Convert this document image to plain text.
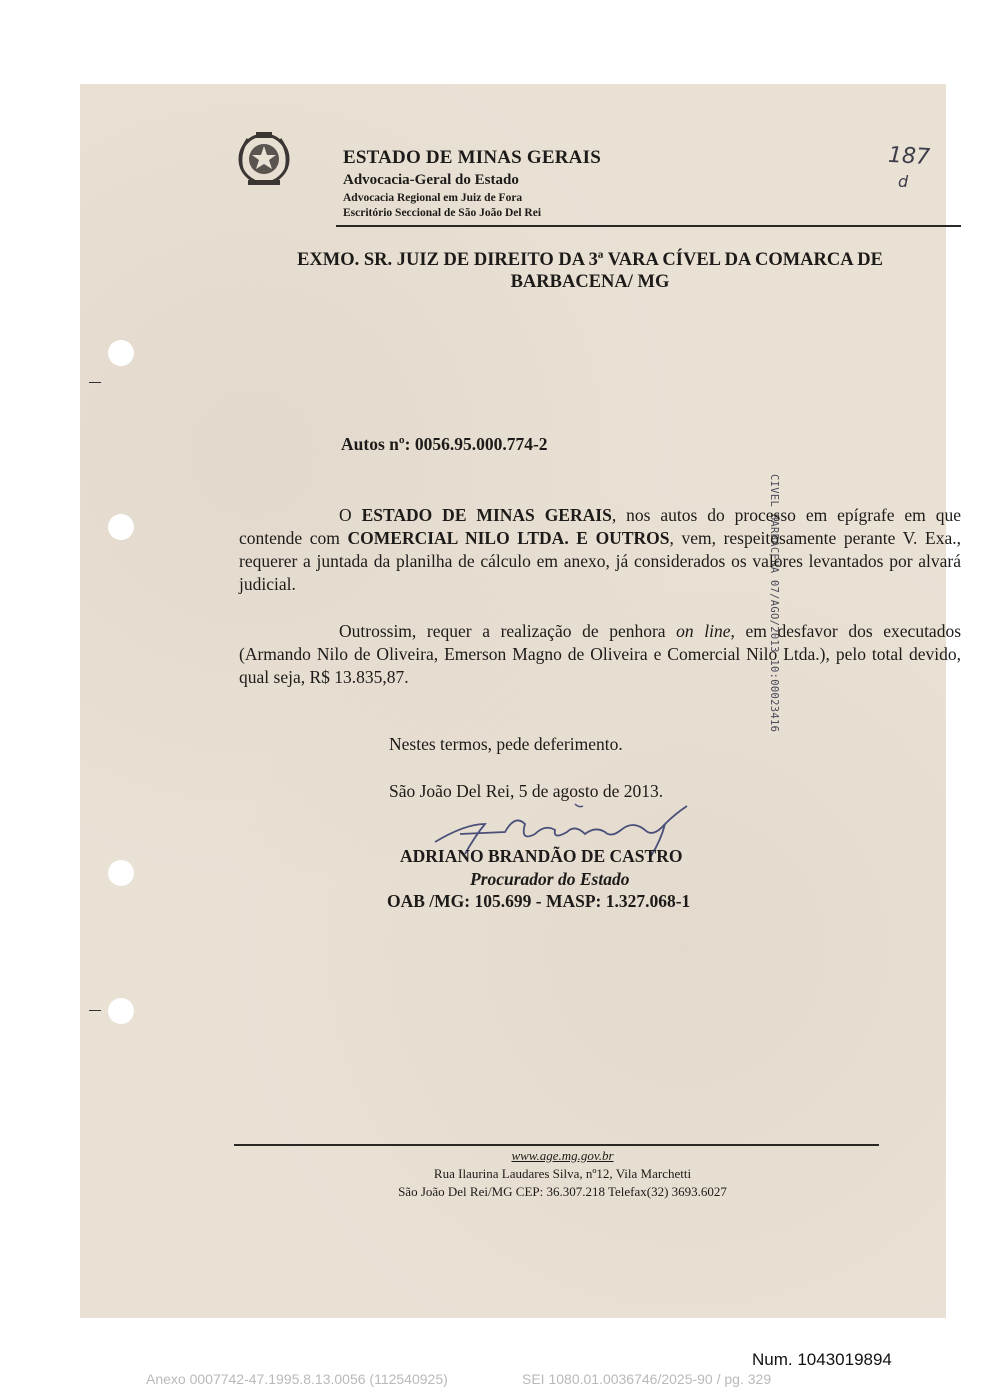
ESTADO DE MINAS GERAIS
Advocacia-Geral do Estado
Advocacia Regional em Juiz de Fora
Escritório Seccional de São João Del Rei
187
d
EXMO. SR. JUIZ DE DIREITO DA 3ª VARA CÍVEL DA COMARCA DE
BARBACENA/ MG
CIVEL BARBACENA 07/AGO/2013 10:00023416
Autos nº: 0056.95.000.774-2
O ESTADO DE MINAS GERAIS, nos autos do processo em epígrafe em que contende com COMERCIAL NILO LTDA. E OUTROS, vem, respeitosamente perante V. Exa., requerer a juntada da planilha de cálculo em anexo, já considerados os valores levantados por alvará judicial.
Outrossim, requer a realização de penhora on line, em desfavor dos executados (Armando Nilo de Oliveira, Emerson Magno de Oliveira e Comercial Nilo Ltda.), pelo total devido, qual seja, R$ 13.835,87.
Nestes termos, pede deferimento.
São João Del Rei, 5 de agosto de 2013.
ADRIANO BRANDÃO DE CASTRO
Procurador do Estado
OAB /MG: 105.699 - MASP: 1.327.068-1
www.age.mg.gov.br
Rua Ilaurina Laudares Silva, nº12, Vila Marchetti
São João Del Rei/MG CEP: 36.307.218 Telefax(32) 3693.6027
Num. 1043019894
Anexo 0007742-47.1995.8.13.0056 (112540925)	SEI 1080.01.0036746/2025-90 / pg. 329
